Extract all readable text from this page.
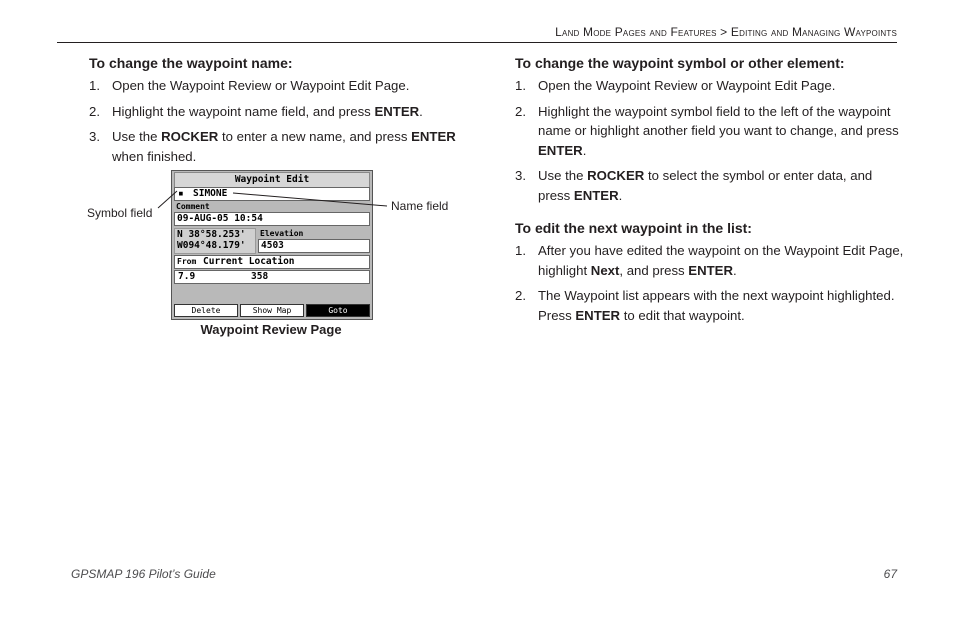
Land Mode Pages and Features > Editing and Managing Waypoints
To change the waypoint name:
1. Open the Waypoint Review or Waypoint Edit Page.
2. Highlight the waypoint name field, and press ENTER.
3. Use the ROCKER to enter a new name, and press ENTER when finished.
Waypoint Edit
▪ SIMONE
Comment
09-AUG-05 10:54
N 38°58.253'
W094°48.179'
Elevation
4503
From Current Location
7.9	358
Delete	Show Map	Goto
Symbol field	Name field
Waypoint Review Page
To change the waypoint symbol or other element:
1. Open the Waypoint Review or Waypoint Edit Page.
2. Highlight the waypoint symbol field to the left of the waypoint name or highlight another field you want to change, and press ENTER.
3. Use the ROCKER to select the symbol or enter data, and press ENTER.
To edit the next waypoint in the list:
1. After you have edited the waypoint on the Waypoint Edit Page, highlight Next, and press ENTER.
2. The Waypoint list appears with the next waypoint highlighted. Press ENTER to edit that waypoint.
GPSMAP 196 Pilot’s Guide	67
